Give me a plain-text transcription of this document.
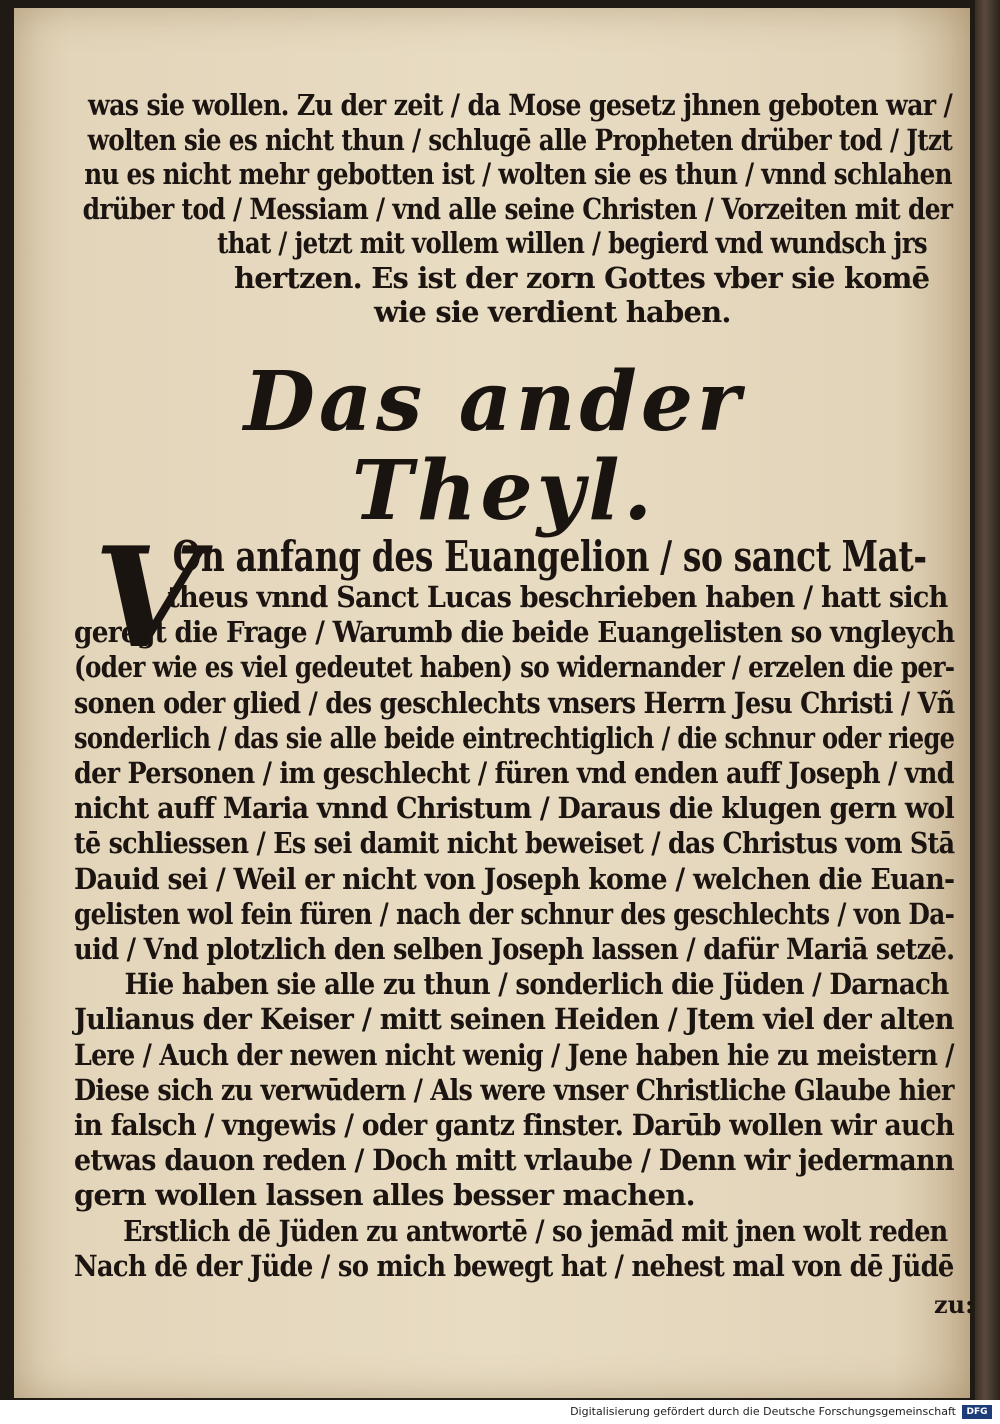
was sie wollen. Zu der zeit / da Mose gesetz jhnen geboten war /
wolten sie es nicht thun / schlugē alle Propheten drüber tod / Jtzt
nu es nicht mehr gebotten ist / wolten sie es thun / vnnd schlahen
drüber tod / Messiam / vnd alle seine Christen / Vorzeiten mit der
that / jetzt mit vollem willen / begierd vnd wundsch jrs
hertzen. Es ist der zorn Gottes vber sie komē
wie sie verdient haben.
Das ander
Theyl.
V
On anfang des Euangelion / so sanct Mat-
theus vnnd Sanct Lucas beschrieben haben / hatt sich
geregt die Frage / Warumb die beide Euangelisten so vngleych
(oder wie es viel gedeutet haben) so widernander / erzelen die per-
sonen oder glied / des geschlechts vnsers Herrn Jesu Christi / Vñ
sonderlich / das sie alle beide eintrechtiglich / die schnur oder riege
der Personen / im geschlecht / füren vnd enden auff Joseph / vnd
nicht auff Maria vnnd Christum / Daraus die klugen gern wol
tē schliessen / Es sei damit nicht beweiset / das Christus vom Stā
Dauid sei / Weil er nicht von Joseph kome / welchen die Euan-
gelisten wol fein füren / nach der schnur des geschlechts / von Da-
uid / Vnd plotzlich den selben Joseph lassen / dafür Mariā setzē.
Hie haben sie alle zu thun / sonderlich die Jüden / Darnach
Julianus der Keiser / mitt seinen Heiden / Jtem viel der alten
Lere / Auch der newen nicht wenig / Jene haben hie zu meistern /
Diese sich zu verwūdern / Als were vnser Christliche Glaube hier
in falsch / vngewis / oder gantz finster. Darūb wollen wir auch
etwas dauon reden / Doch mitt vrlaube / Denn wir jedermann
gern wollen lassen alles besser machen.
Erstlich dē Jüden zu antwortē / so jemād mit jnen wolt reden
Nach dē der Jüde / so mich bewegt hat / nehest mal von dē Jüdē
zu:
Digitalisierung gefördert durch die Deutsche Forschungsgemeinschaft	DFG
